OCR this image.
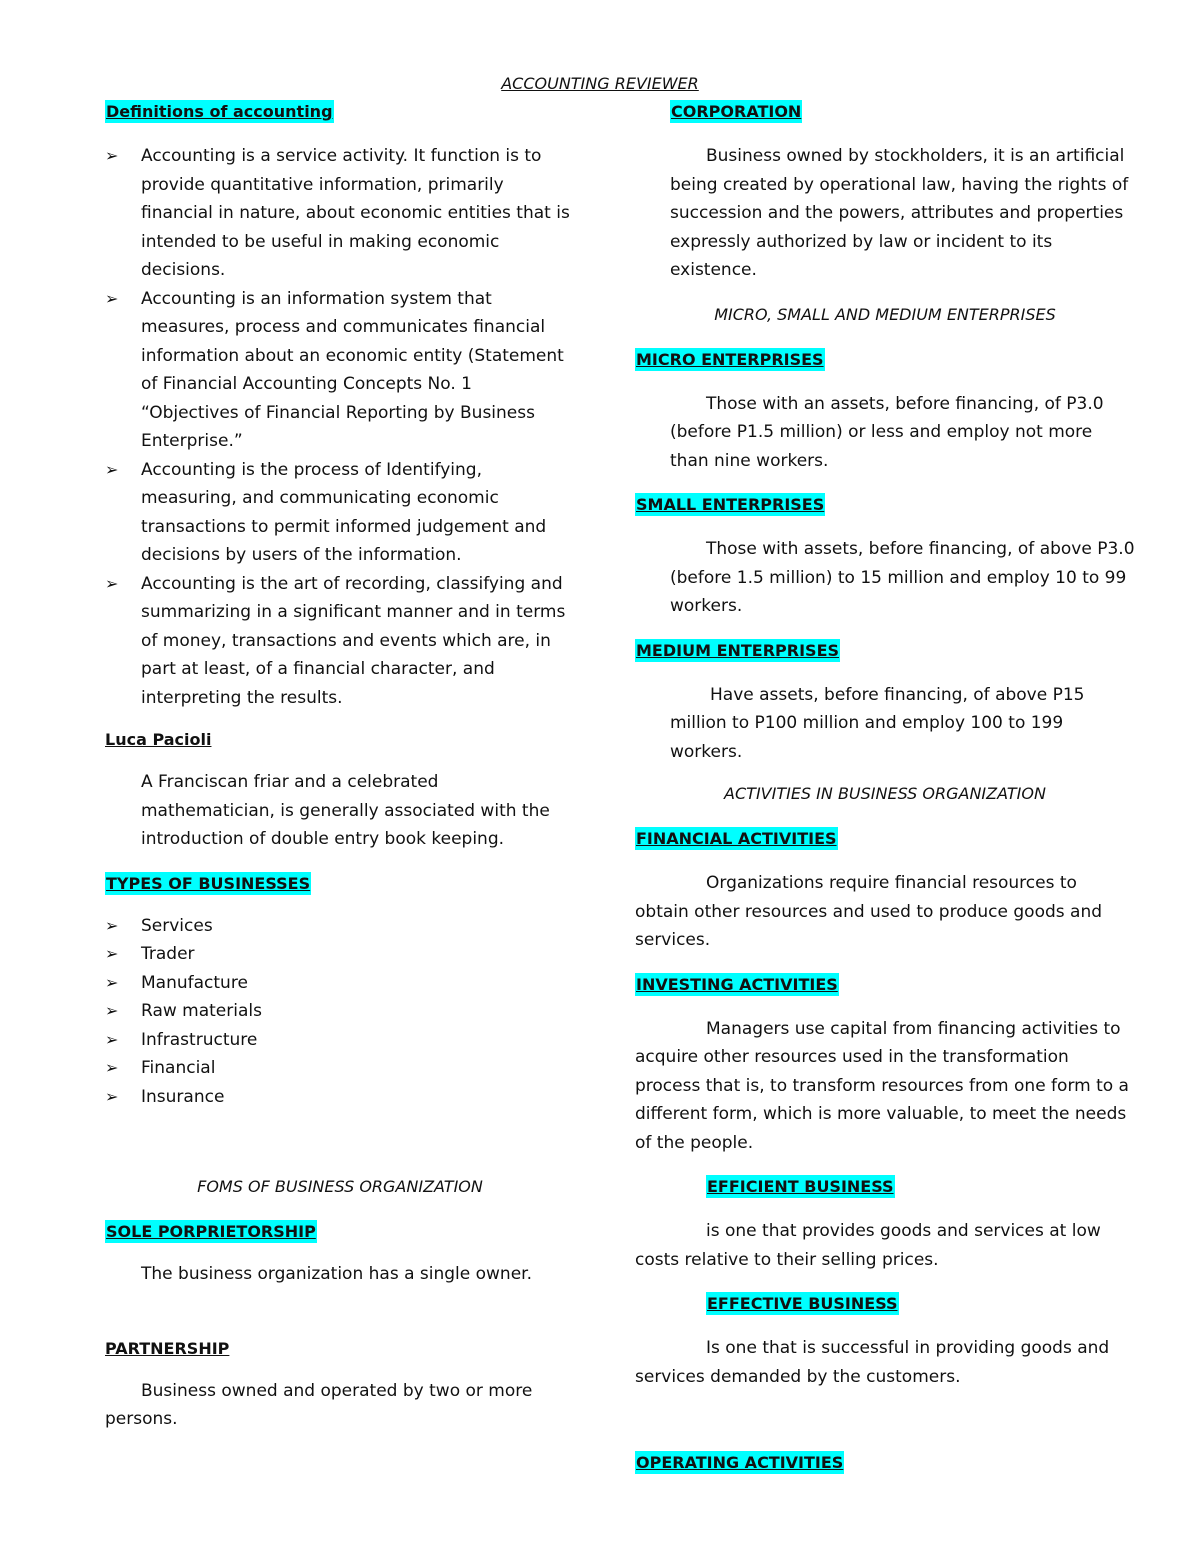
ACCOUNTING REVIEWER
Definitions of accounting
➢ Accounting is a service activity. It function is to provide quantitative information, primarily financial in nature, about economic entities that is intended to be useful in making economic decisions.
➢ Accounting is an information system that measures, process and communicates financial information about an economic entity (Statement of Financial Accounting Concepts No. 1 “Objectives of Financial Reporting by Business Enterprise.”
➢ Accounting is the process of Identifying, measuring, and communicating economic transactions to permit informed judgement and decisions by users of the information.
➢ Accounting is the art of recording, classifying and summarizing in a significant manner and in terms of money, transactions and events which are, in part at least, of a financial character, and interpreting the results.
Luca Pacioli

A Franciscan friar and a celebrated mathematician, is generally associated with the introduction of double entry book keeping.

TYPES OF BUSINESSES
➢ Services
➢ Trader
➢ Manufacture
➢ Raw materials
➢ Infrastructure
➢ Financial
➢ Insurance
FOMS OF BUSINESS ORGANIZATION
SOLE PORPRIETORSHIP

The business organization has a single owner.

PARTNERSHIP

Business owned and operated by two or more persons.

CORPORATION

Business owned by stockholders, it is an artificial being created by operational law, having the rights of succession and the powers, attributes and properties expressly authorized by law or incident to its existence.

MICRO, SMALL AND MEDIUM ENTERPRISES
MICRO ENTERPRISES

Those with an assets, before financing, of P3.0 (before P1.5 million) or less and employ not more than nine workers.

SMALL ENTERPRISES

Those with assets, before financing, of above P3.0 (before 1.5 million) to 15 million and employ 10 to 99 workers.

MEDIUM ENTERPRISES

Have assets, before financing, of above P15 million to P100 million and employ 100 to 199 workers.

ACTIVITIES IN BUSINESS ORGANIZATION
FINANCIAL ACTIVITIES

Organizations require financial resources to obtain other resources and used to produce goods and services.

INVESTING ACTIVITIES

Managers use capital from financing activities to acquire other resources used in the transformation process that is, to transform resources from one form to a different form, which is more valuable, to meet the needs of the people.

EFFICIENT BUSINESS

is one that provides goods and services at low costs relative to their selling prices.

EFFECTIVE BUSINESS

Is one that is successful in providing goods and services demanded by the customers.

OPERATING ACTIVITIES
